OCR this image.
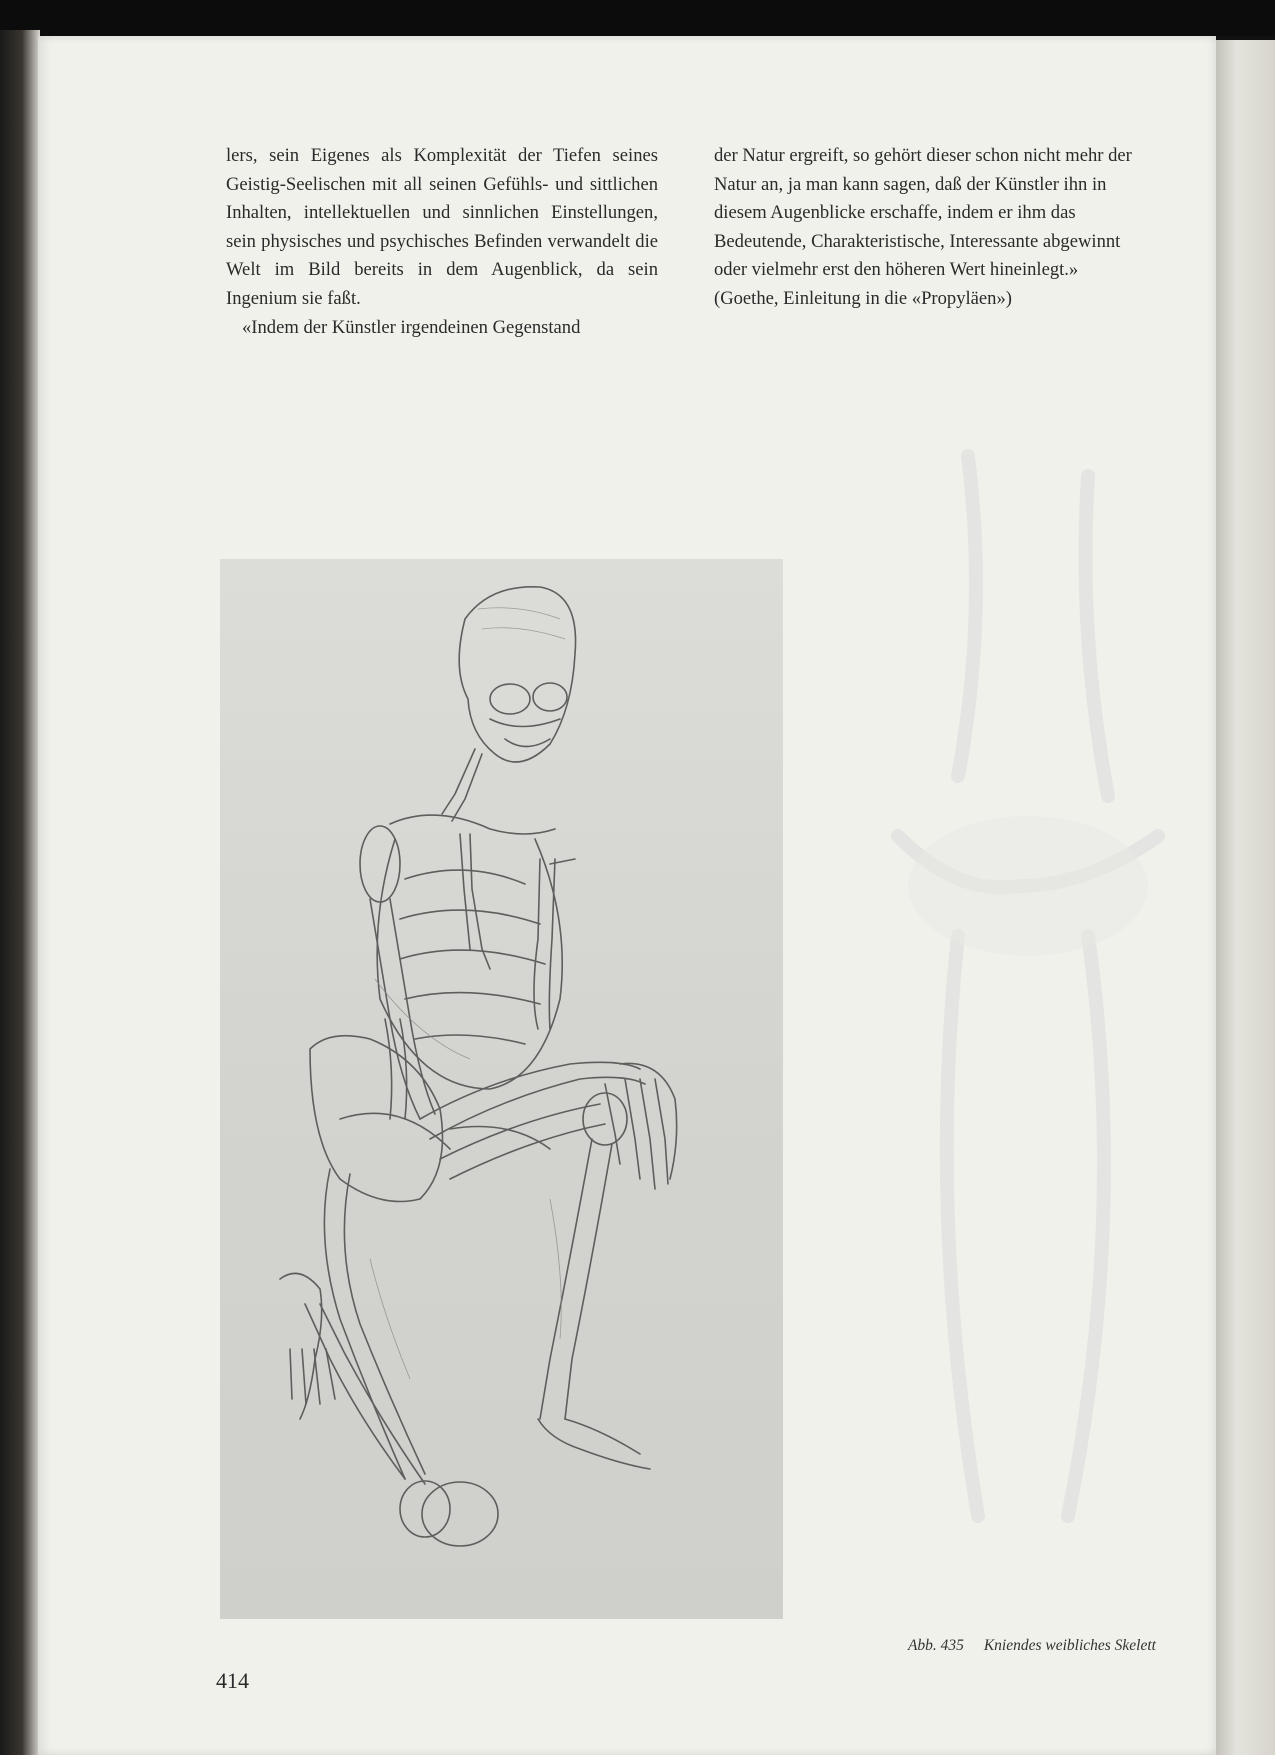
lers, sein Eigenes als Komplexität der Tiefen seines Geistig-Seelischen mit all seinen Gefühls- und sittlichen Inhalten, intellektuellen und sinnlichen Einstellungen, sein physisches und psychisches Befinden verwandelt die Welt im Bild bereits in dem Augenblick, da sein Ingenium sie faßt.

«Indem der Künstler irgendeinen Gegenstand

der Natur ergreift, so gehört dieser schon nicht mehr der Natur an, ja man kann sagen, daß der Künstler ihn in diesem Augenblicke erschaffe, indem er ihm das Bedeutende, Charakteristische, Interessante abgewinnt oder vielmehr erst den höheren Wert hineinlegt.»

(Goethe, Einleitung in die «Propyläen»)

Abb. 435 Kniendes weibliches Skelett
414
